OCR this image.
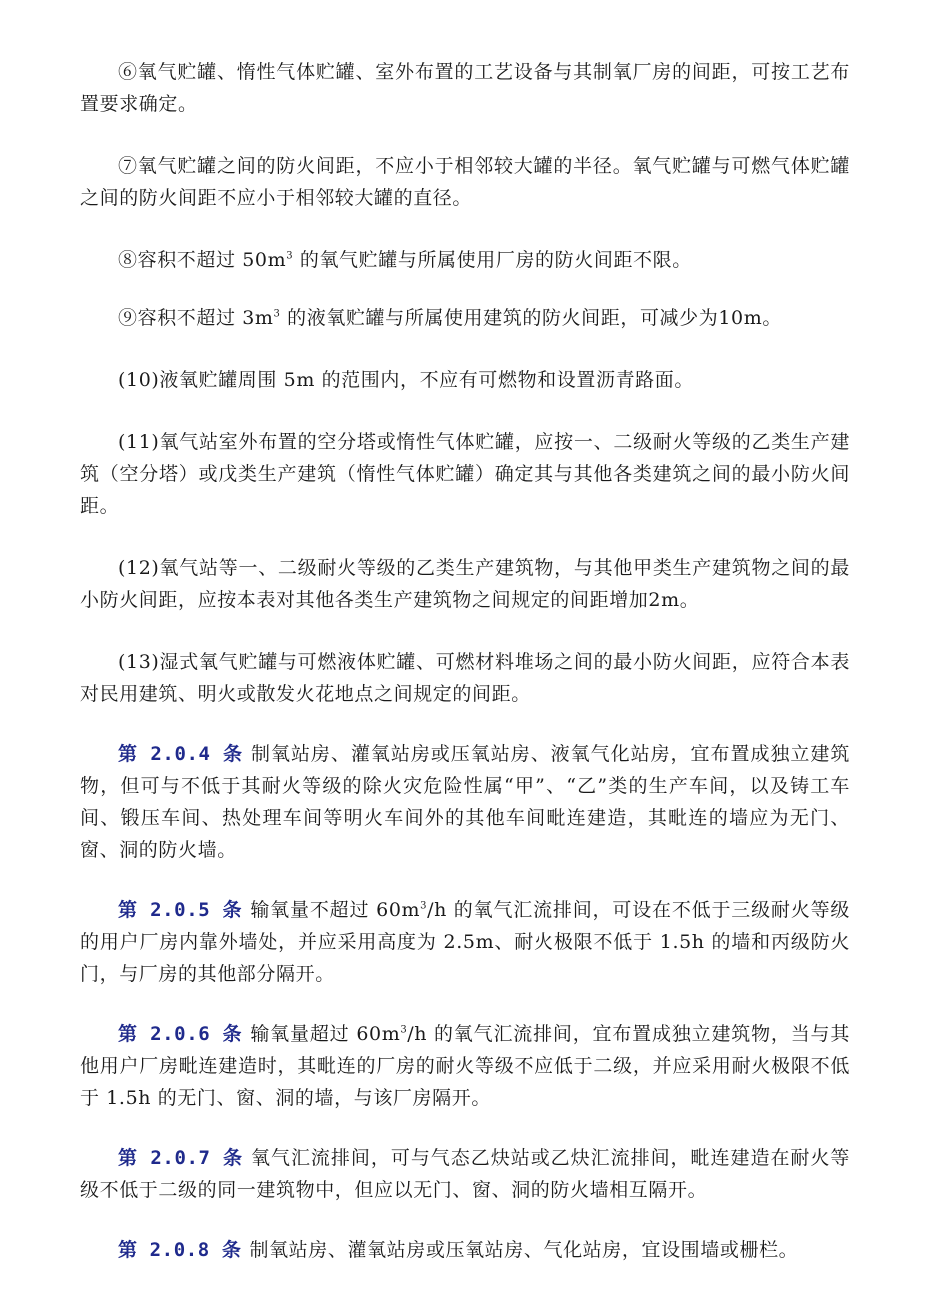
⑥氧气贮罐、惰性气体贮罐、室外布置的工艺设备与其制氧厂房的间距，可按工艺布置要求确定。

⑦氧气贮罐之间的防火间距，不应小于相邻较大罐的半径。氧气贮罐与可燃气体贮罐之间的防火间距不应小于相邻较大罐的直径。

⑧容积不超过 $50m^3$ 的氧气贮罐与所属使用厂房的防火间距不限。

⑨容积不超过 $3m^3$ 的液氧贮罐与所属使用建筑的防火间距，可减少为10m。

(10)液氧贮罐周围 5m 的范围内，不应有可燃物和设置沥青路面。

(11)氧气站室外布置的空分塔或惰性气体贮罐，应按一、二级耐火等级的乙类生产建筑（空分塔）或戊类生产建筑（惰性气体贮罐）确定其与其他各类建筑之间的最小防火间距。

(12)氧气站等一、二级耐火等级的乙类生产建筑物，与其他甲类生产建筑物之间的最小防火间距，应按本表对其他各类生产建筑物之间规定的间距增加2m。

(13)湿式氧气贮罐与可燃液体贮罐、可燃材料堆场之间的最小防火间距，应符合本表对民用建筑、明火或散发火花地点之间规定的间距。

第 2.0.4 条 制氧站房、灌氧站房或压氧站房、液氧气化站房，宜布置成独立建筑物，但可与不低于其耐火等级的除火灾危险性属“甲”、“乙”类的生产车间，以及铸工车间、锻压车间、热处理车间等明火车间外的其他车间毗连建造，其毗连的墙应为无门、窗、洞的防火墙。

第 2.0.5 条 输氧量不超过 $60m^3/h$ 的氧气汇流排间，可设在不低于三级耐火等级的用户厂房内靠外墙处，并应采用高度为 2.5m、耐火极限不低于 1.5h 的墙和丙级防火门，与厂房的其他部分隔开。

第 2.0.6 条 输氧量超过 $60m^3/h$ 的氧气汇流排间，宜布置成独立建筑物，当与其他用户厂房毗连建造时，其毗连的厂房的耐火等级不应低于二级，并应采用耐火极限不低于 1.5h 的无门、窗、洞的墙，与该厂房隔开。

第 2.0.7 条 氧气汇流排间，可与气态乙炔站或乙炔汇流排间，毗连建造在耐火等级不低于二级的同一建筑物中，但应以无门、窗、洞的防火墙相互隔开。

第 2.0.8 条 制氧站房、灌氧站房或压氧站房、气化站房，宜设围墙或栅栏。
